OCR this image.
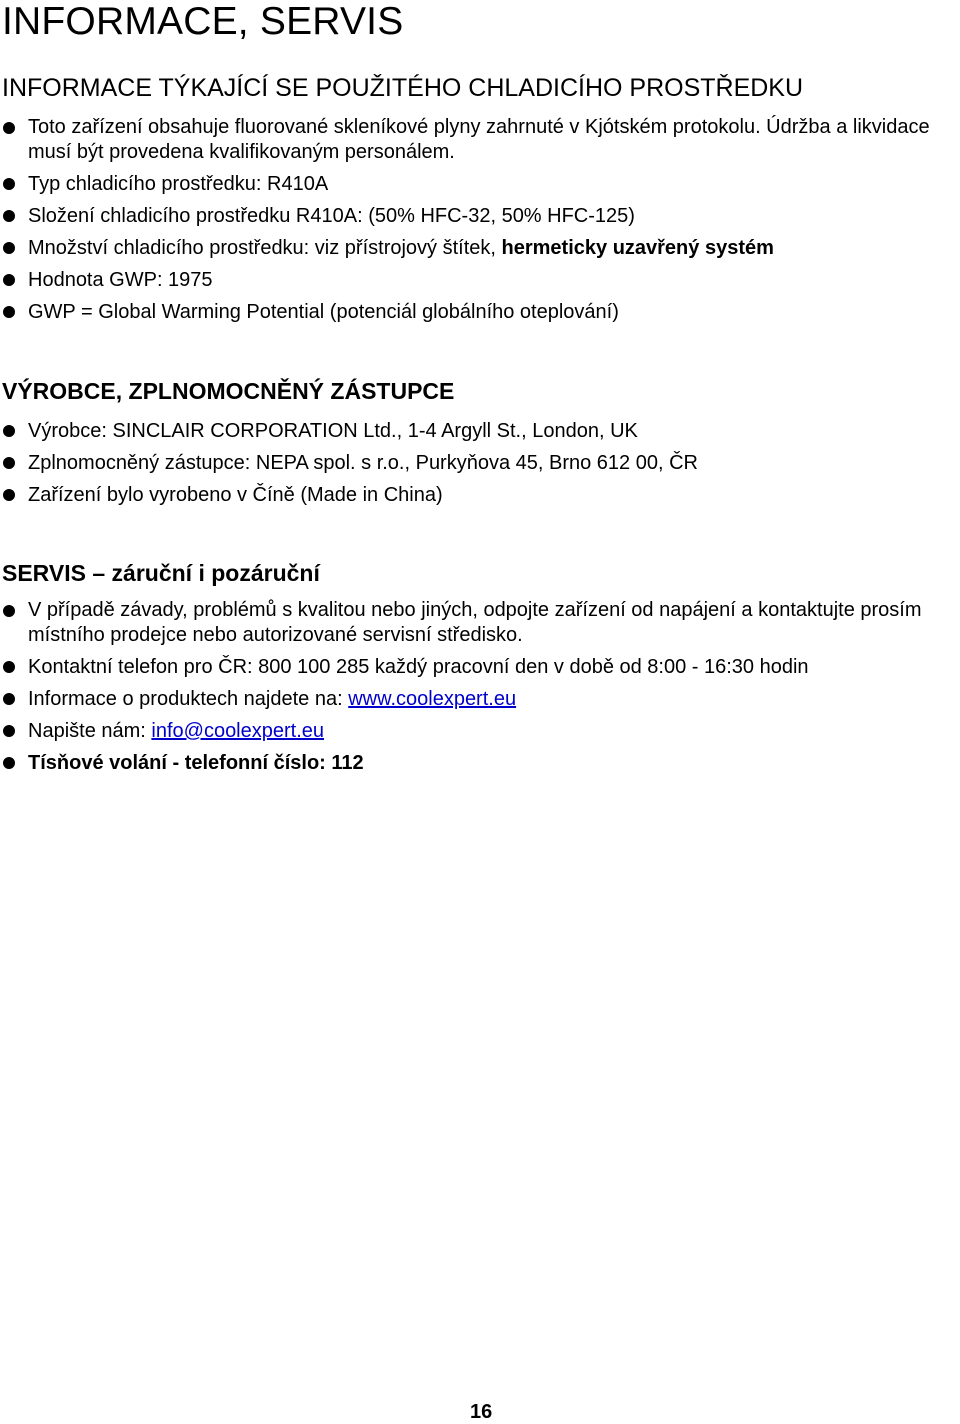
INFORMACE, SERVIS
INFORMACE TÝKAJÍCÍ SE POUŽITÉHO CHLADICÍHO PROSTŘEDKU
Toto zařízení obsahuje fluorované skleníkové plyny zahrnuté v Kjótském protokolu. Údržba a likvidace musí být provedena kvalifikovaným personálem.
Typ chladicího prostředku: R410A
Složení chladicího prostředku R410A: (50% HFC-32, 50% HFC-125)
Množství chladicího prostředku: viz přístrojový štítek, hermeticky uzavřený systém
Hodnota GWP: 1975
GWP = Global Warming Potential (potenciál globálního oteplování)
VÝROBCE, ZPLNOMOCNĚNÝ ZÁSTUPCE
Výrobce: SINCLAIR CORPORATION Ltd., 1-4 Argyll St., London, UK
Zplnomocněný zástupce: NEPA spol. s r.o., Purkyňova 45, Brno 612 00, ČR
Zařízení bylo vyrobeno v Číně (Made in China)
SERVIS – záruční i pozáruční
V případě závady, problémů s kvalitou nebo jiných, odpojte zařízení od napájení a kontaktujte prosím místního prodejce nebo autorizované servisní středisko.
Kontaktní telefon pro ČR: 800 100 285 každý pracovní den v době od 8:00 - 16:30 hodin
Informace o produktech najdete na: www.coolexpert.eu
Napište nám: info@coolexpert.eu
Tísňové volání - telefonní číslo: 112
16
